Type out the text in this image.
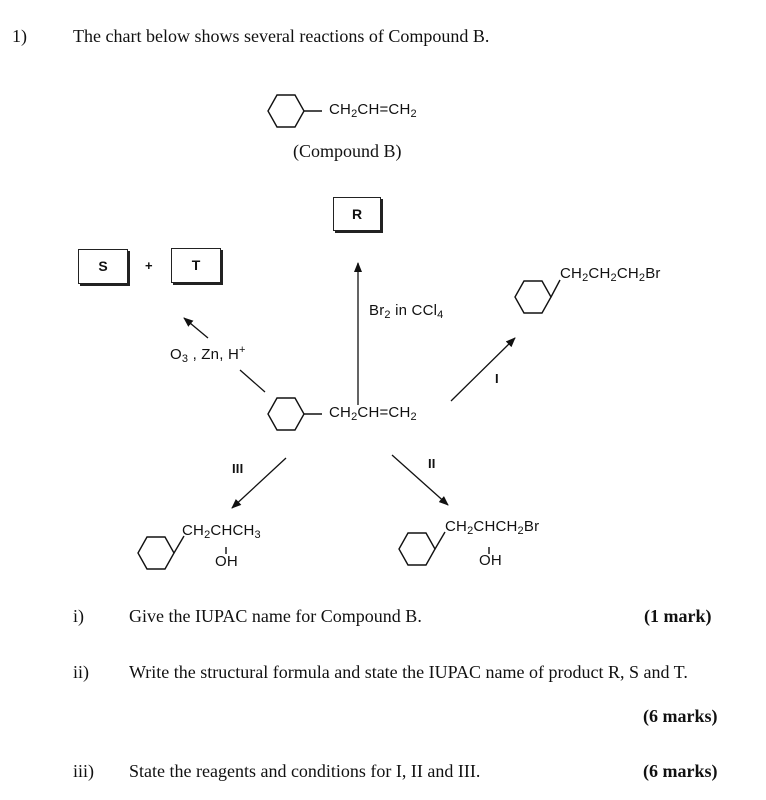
1)	The chart below shows several reactions of Compound B.
$CH_2CH=CH_2$
(Compound B)
R
S	+	T
$Br_2$ in CCl$_4$
$O_3$ , Zn, H+
I
II
III
$CH_2CH=CH_2$
$CH_2CH_2CH_2Br$
$CH_2CHCH_2Br$
OH
$CH_2CHCH_3$
OH
i)	Give the IUPAC name for Compound B.	(1 mark)
ii) Write the structural formula and state the IUPAC name of product R, S and T.
(6 marks)
iii) State the reagents and conditions for I, II and III.	(6 marks)
